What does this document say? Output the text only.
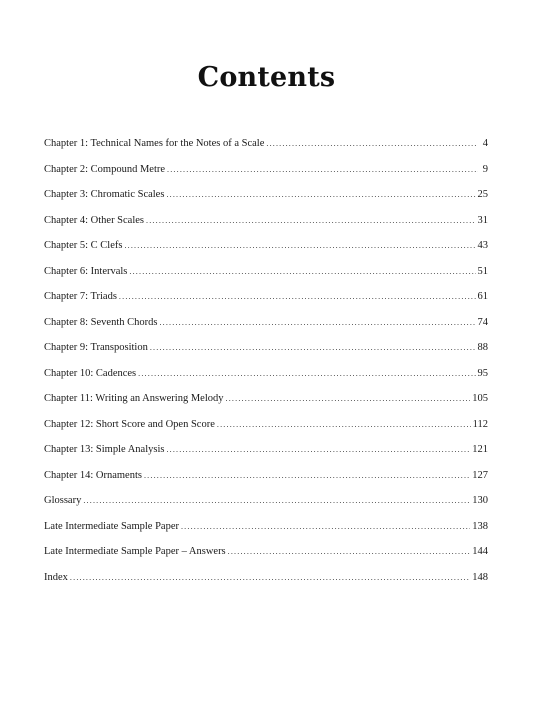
Contents
Chapter 1: Technical Names for the Notes of a Scale .....	4
Chapter 2: Compound Metre .....	9
Chapter 3: Chromatic Scales .....	25
Chapter 4: Other Scales .....	31
Chapter 5: C Clefs .....	43
Chapter 6: Intervals .....	51
Chapter 7: Triads .....	61
Chapter 8: Seventh Chords .....	74
Chapter 9: Transposition .....	88
Chapter 10: Cadences .....	95
Chapter 11: Writing an Answering Melody .....	105
Chapter 12: Short Score and Open Score .....	112
Chapter 13: Simple Analysis .....	121
Chapter 14: Ornaments .....	127
Glossary .....	130
Late Intermediate Sample Paper .....	138
Late Intermediate Sample Paper – Answers .....	144
Index .....	148
